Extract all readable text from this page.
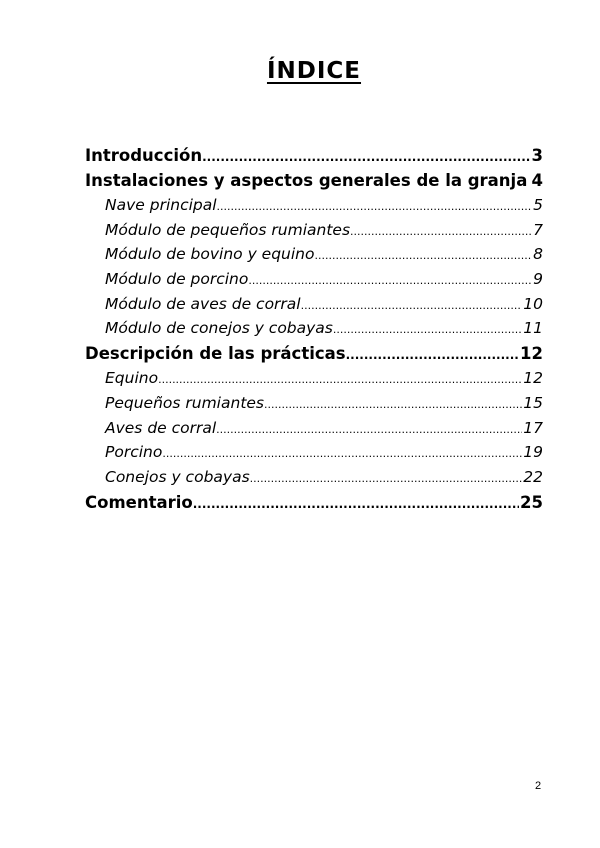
ÍNDICE
Introducción .....	3
Instalaciones y aspectos generales de la granja 4
Nave principal .....	5
Módulo de pequeños rumiantes .....	7
Módulo de bovino y equino .....	8
Módulo de porcino .....	9
Módulo de aves de corral .....	10
Módulo de conejos y cobayas .....	11
Descripción de las prácticas .....	12
Equino .....	12
Pequeños rumiantes .....	15
Aves de corral .....	17
Porcino .....	19
Conejos y cobayas .....	22
Comentario .....	25
2
